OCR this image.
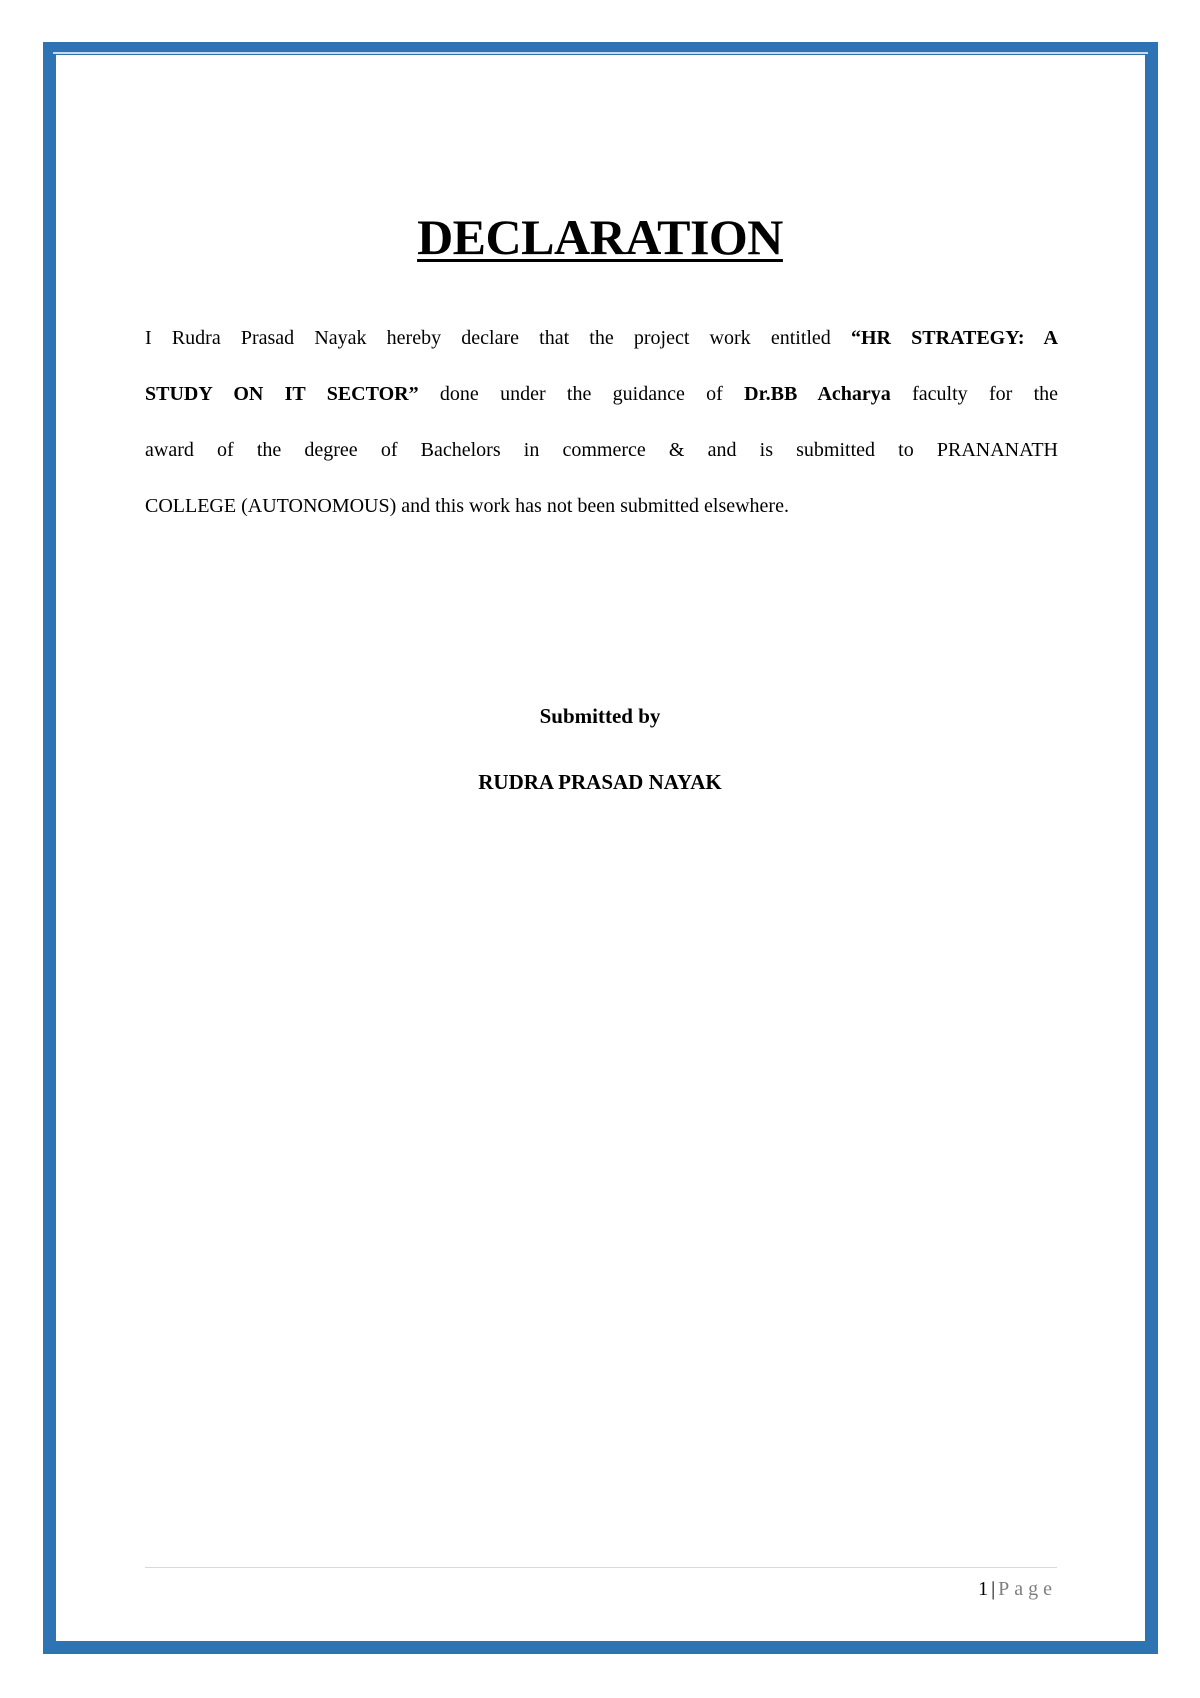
DECLARATION
I Rudra Prasad Nayak hereby declare that the project work entitled “HR STRATEGY: A
STUDY ON IT SECTOR” done under the guidance of Dr.BB Acharya faculty for the
award of the degree of Bachelors in commerce & and is submitted to PRANANATH
COLLEGE (AUTONOMOUS) and this work has not been submitted elsewhere.
Submitted by
RUDRA PRASAD NAYAK
1 | Page
